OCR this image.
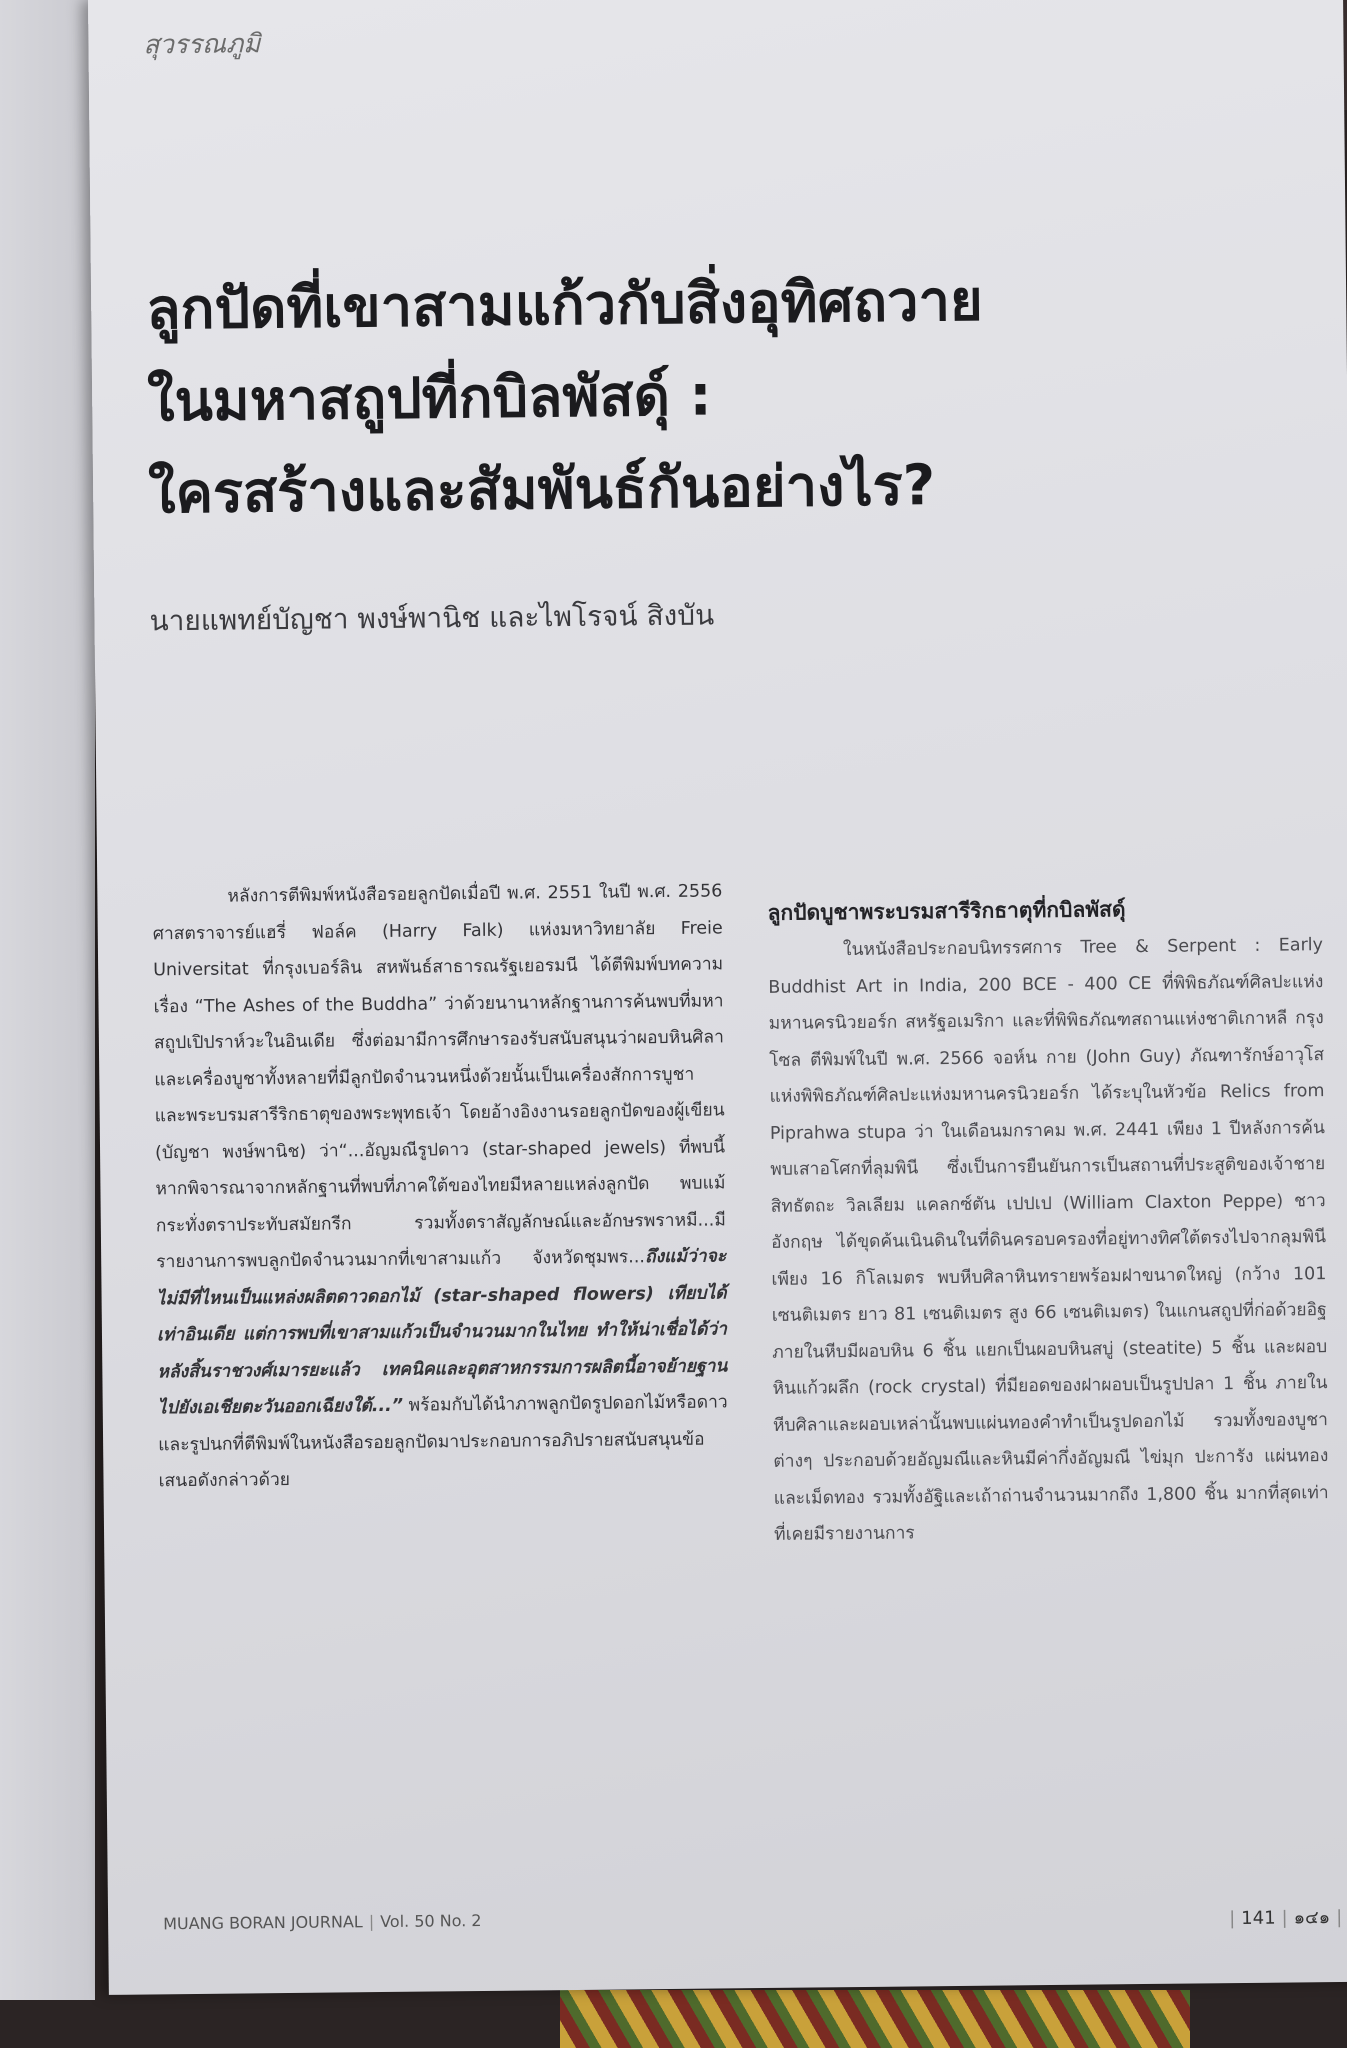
สุวรรณภูมิ
ลูกปัดที่เขาสามแก้วกับสิ่งอุทิศถวาย
ในมหาสถูปที่กบิลพัสดุ์ :
ใครสร้างและสัมพันธ์กันอย่างไร?
นายแพทย์บัญชา พงษ์พานิช และไพโรจน์ สิงบัน

หลังการตีพิมพ์หนังสือรอยลูกปัดเมื่อปี พ.ศ. 2551 ในปี พ.ศ. 2556 ศาสตราจารย์แฮรี่ ฟอล์ค (Harry Falk) แห่งมหาวิทยาลัย Freie Universitat ที่กรุงเบอร์ลิน สหพันธ์สาธารณรัฐเยอรมนี ได้ตีพิมพ์บทความเรื่อง “The Ashes of the Buddha” ว่าด้วยนานาหลักฐานการค้นพบที่มหาสถูปเปิปราห์วะในอินเดีย ซึ่งต่อมามีการศึกษารองรับสนับสนุนว่าผอบหินศิลา และเครื่องบูชาทั้งหลายที่มีลูกปัดจำนวนหนึ่งด้วยนั้นเป็นเครื่องสักการบูชาและพระบรมสารีริกธาตุของพระพุทธเจ้า โดยอ้างอิงงานรอยลูกปัดของผู้เขียน (บัญชา พงษ์พานิช) ว่า“...อัญมณีรูปดาว (star-shaped jewels) ที่พบนี้ หากพิจารณาจากหลักฐานที่พบที่ภาคใต้ของไทยมีหลายแหล่งลูกปัด พบแม้กระทั่งตราประทับสมัยกรีก รวมทั้งตราสัญลักษณ์และอักษรพราหมี...มีรายงานการพบลูกปัดจำนวนมากที่เขาสามแก้ว จังหวัดชุมพร...ถึงแม้ว่าจะไม่มีที่ไหนเป็นแหล่งผลิตดาวดอกไม้ (star-shaped flowers) เทียบได้เท่าอินเดีย แต่การพบที่เขาสามแก้วเป็นจำนวนมากในไทย ทำให้น่าเชื่อได้ว่าหลังสิ้นราชวงศ์เมารยะแล้ว เทคนิคและอุตสาหกรรมการผลิตนี้อาจย้ายฐานไปยังเอเชียตะวันออกเฉียงใต้...” พร้อมกับได้นำภาพลูกปัดรูปดอกไม้หรือดาวและรูปนกที่ตีพิมพ์ในหนังสือรอยลูกปัดมาประกอบการอภิปรายสนับสนุนข้อเสนอดังกล่าวด้วย

ลูกปัดบูชาพระบรมสารีริกธาตุที่กบิลพัสดุ์

ในหนังสือประกอบนิทรรศการ Tree & Serpent : Early Buddhist Art in India, 200 BCE - 400 CE ที่พิพิธภัณฑ์ศิลปะแห่งมหานครนิวยอร์ก สหรัฐอเมริกา และที่พิพิธภัณฑสถานแห่งชาติเกาหลี กรุงโซล ตีพิมพ์ในปี พ.ศ. 2566 จอห์น กาย (John Guy) ภัณฑารักษ์อาวุโสแห่งพิพิธภัณฑ์ศิลปะแห่งมหานครนิวยอร์ก ได้ระบุในหัวข้อ Relics from Piprahwa stupa ว่า ในเดือนมกราคม พ.ศ. 2441 เพียง 1 ปีหลังการค้นพบเสาอโศกที่ลุมพินี ซึ่งเป็นการยืนยันการเป็นสถานที่ประสูติของเจ้าชายสิทธัตถะ วิลเลียม แคลกซ์ตัน เปปเป (William Claxton Peppe) ชาวอังกฤษ ได้ขุดค้นเนินดินในที่ดินครอบครองที่อยู่ทางทิศใต้ตรงไปจากลุมพินีเพียง 16 กิโลเมตร พบหีบศิลาหินทรายพร้อมฝาขนาดใหญ่ (กว้าง 101 เซนติเมตร ยาว 81 เซนติเมตร สูง 66 เซนติเมตร) ในแกนสถูปที่ก่อด้วยอิฐ ภายในหีบมีผอบหิน 6 ชิ้น แยกเป็นผอบหินสบู่ (steatite) 5 ชิ้น และผอบหินแก้วผลึก (rock crystal) ที่มียอดของฝาผอบเป็นรูปปลา 1 ชิ้น ภายในหีบศิลาและผอบเหล่านั้นพบแผ่นทองคำทำเป็นรูปดอกไม้ รวมทั้งของบูชาต่างๆ ประกอบด้วยอัญมณีและหินมีค่ากึ่งอัญมณี ไข่มุก ปะการัง แผ่นทองและเม็ดทอง รวมทั้งอัฐิและเถ้าถ่านจำนวนมากถึง 1,800 ชิ้น มากที่สุดเท่าที่เคยมีรายงานการ

MUANG BORAN JOURNAL | Vol. 50 No. 2	| 141 | ๑๔๑ |
